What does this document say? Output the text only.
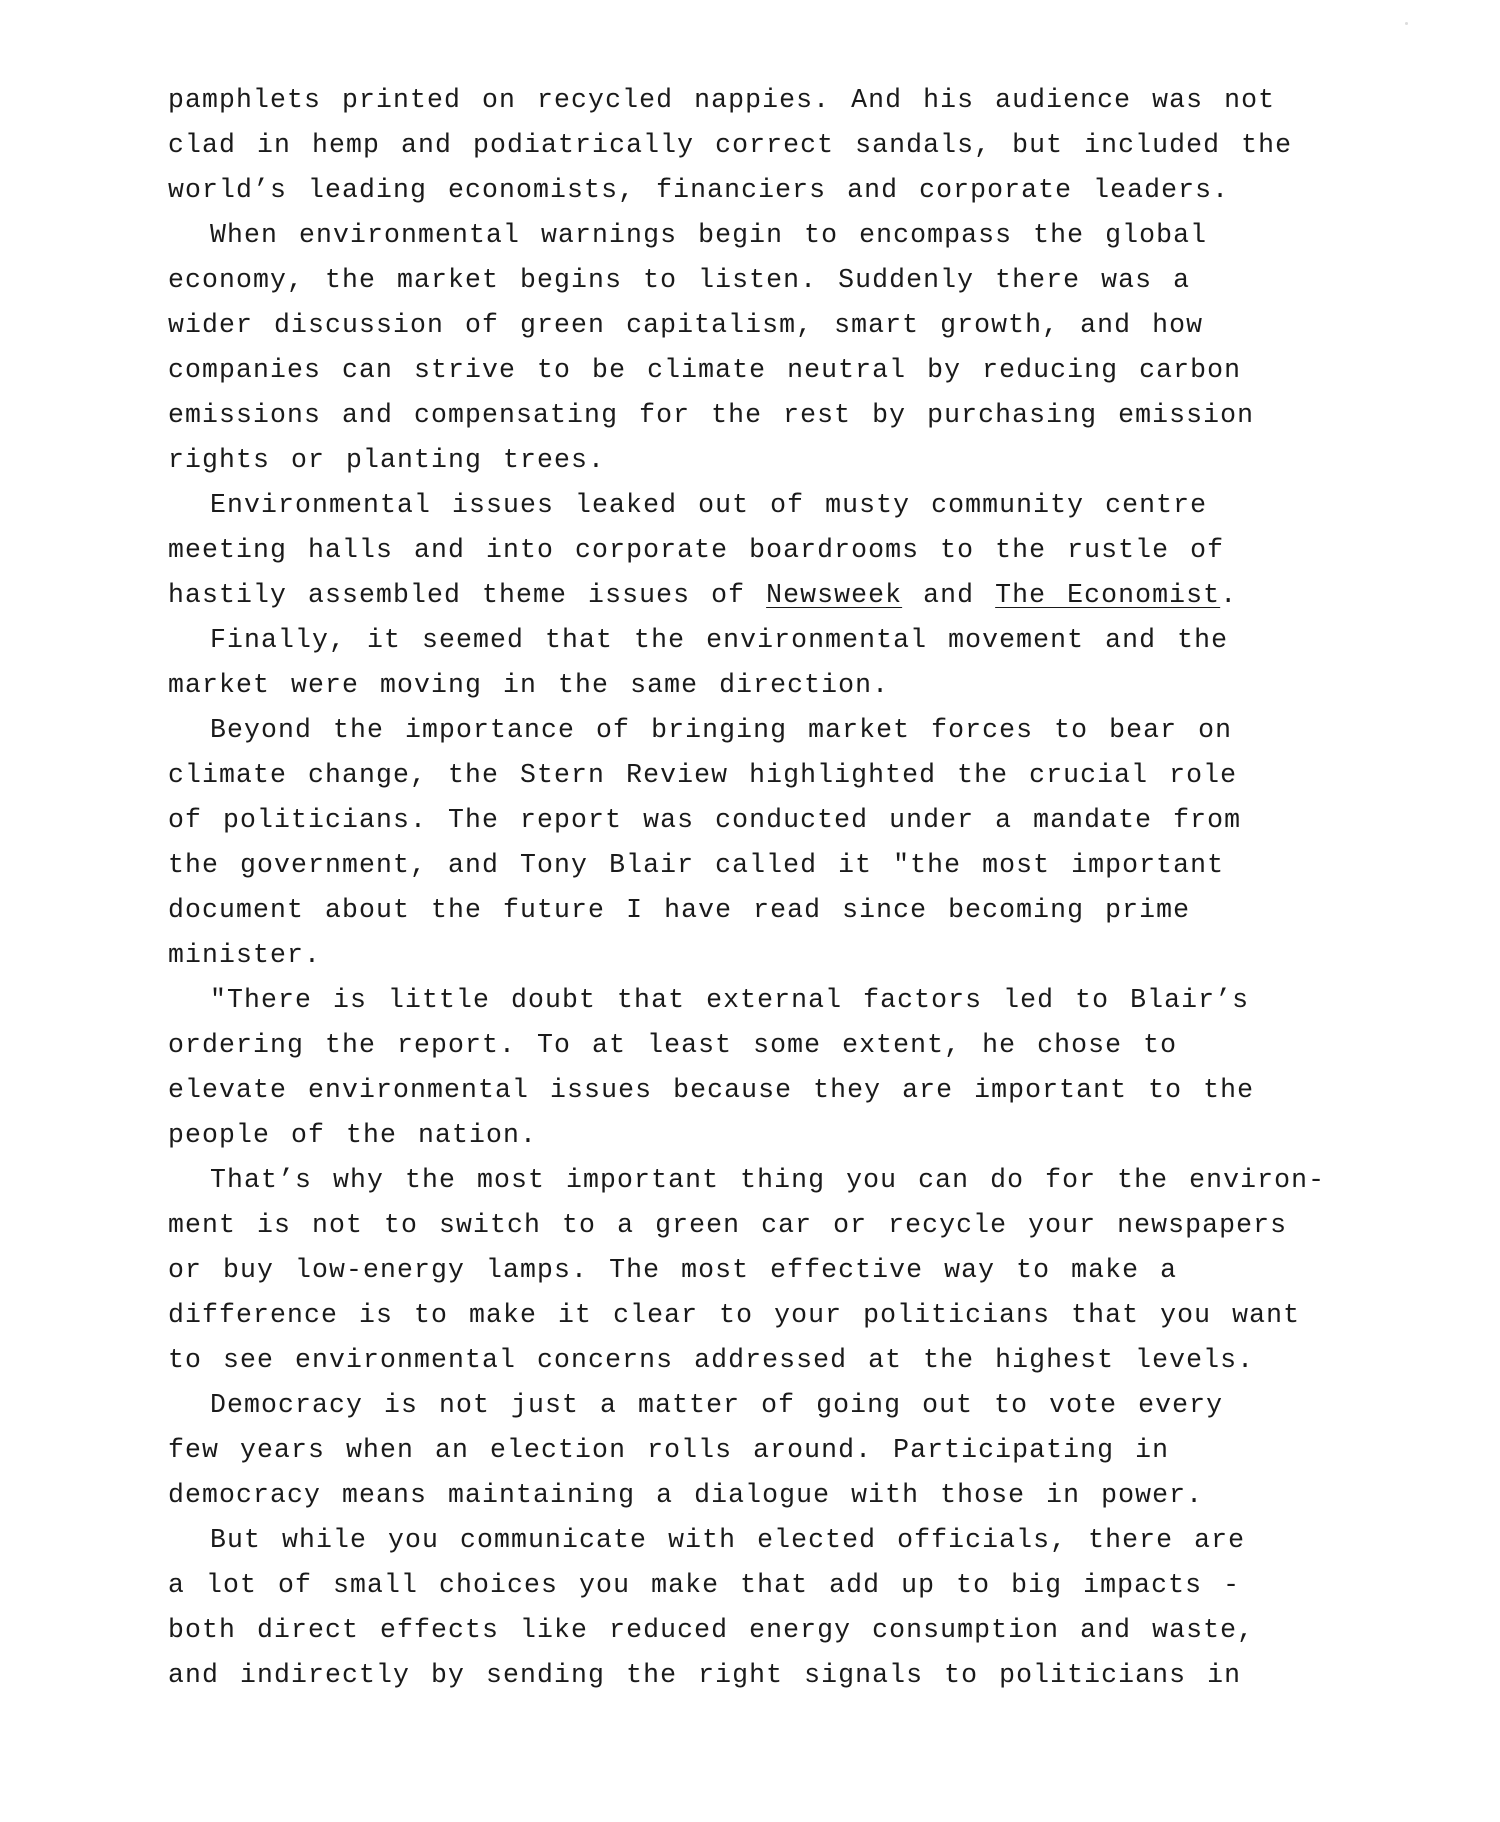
pamphlets printed on recycled nappies. And his audience was not
clad in hemp and podiatrically correct sandals, but included the
world’s leading economists, financiers and corporate leaders.
When environmental warnings begin to encompass the global
economy, the market begins to listen. Suddenly there was a
wider discussion of green capitalism, smart growth, and how
companies can strive to be climate neutral by reducing carbon
emissions and compensating for the rest by purchasing emission
rights or planting trees.
Environmental issues leaked out of musty community centre
meeting halls and into corporate boardrooms to the rustle of
hastily assembled theme issues of Newsweek and The Economist.
Finally, it seemed that the environmental movement and the
market were moving in the same direction.
Beyond the importance of bringing market forces to bear on
climate change, the Stern Review highlighted the crucial role
of politicians. The report was conducted under a mandate from
the government, and Tony Blair called it "the most important
document about the future I have read since becoming prime
minister.
"There is little doubt that external factors led to Blair’s
ordering the report. To at least some extent, he chose to
elevate environmental issues because they are important to the
people of the nation.
That’s why the most important thing you can do for the environ-
ment is not to switch to a green car or recycle your newspapers
or buy low-energy lamps. The most effective way to make a
difference is to make it clear to your politicians that you want
to see environmental concerns addressed at the highest levels.
Democracy is not just a matter of going out to vote every
few years when an election rolls around. Participating in
democracy means maintaining a dialogue with those in power.
But while you communicate with elected officials, there are
a lot of small choices you make that add up to big impacts -
both direct effects like reduced energy consumption and waste,
and indirectly by sending the right signals to politicians in
